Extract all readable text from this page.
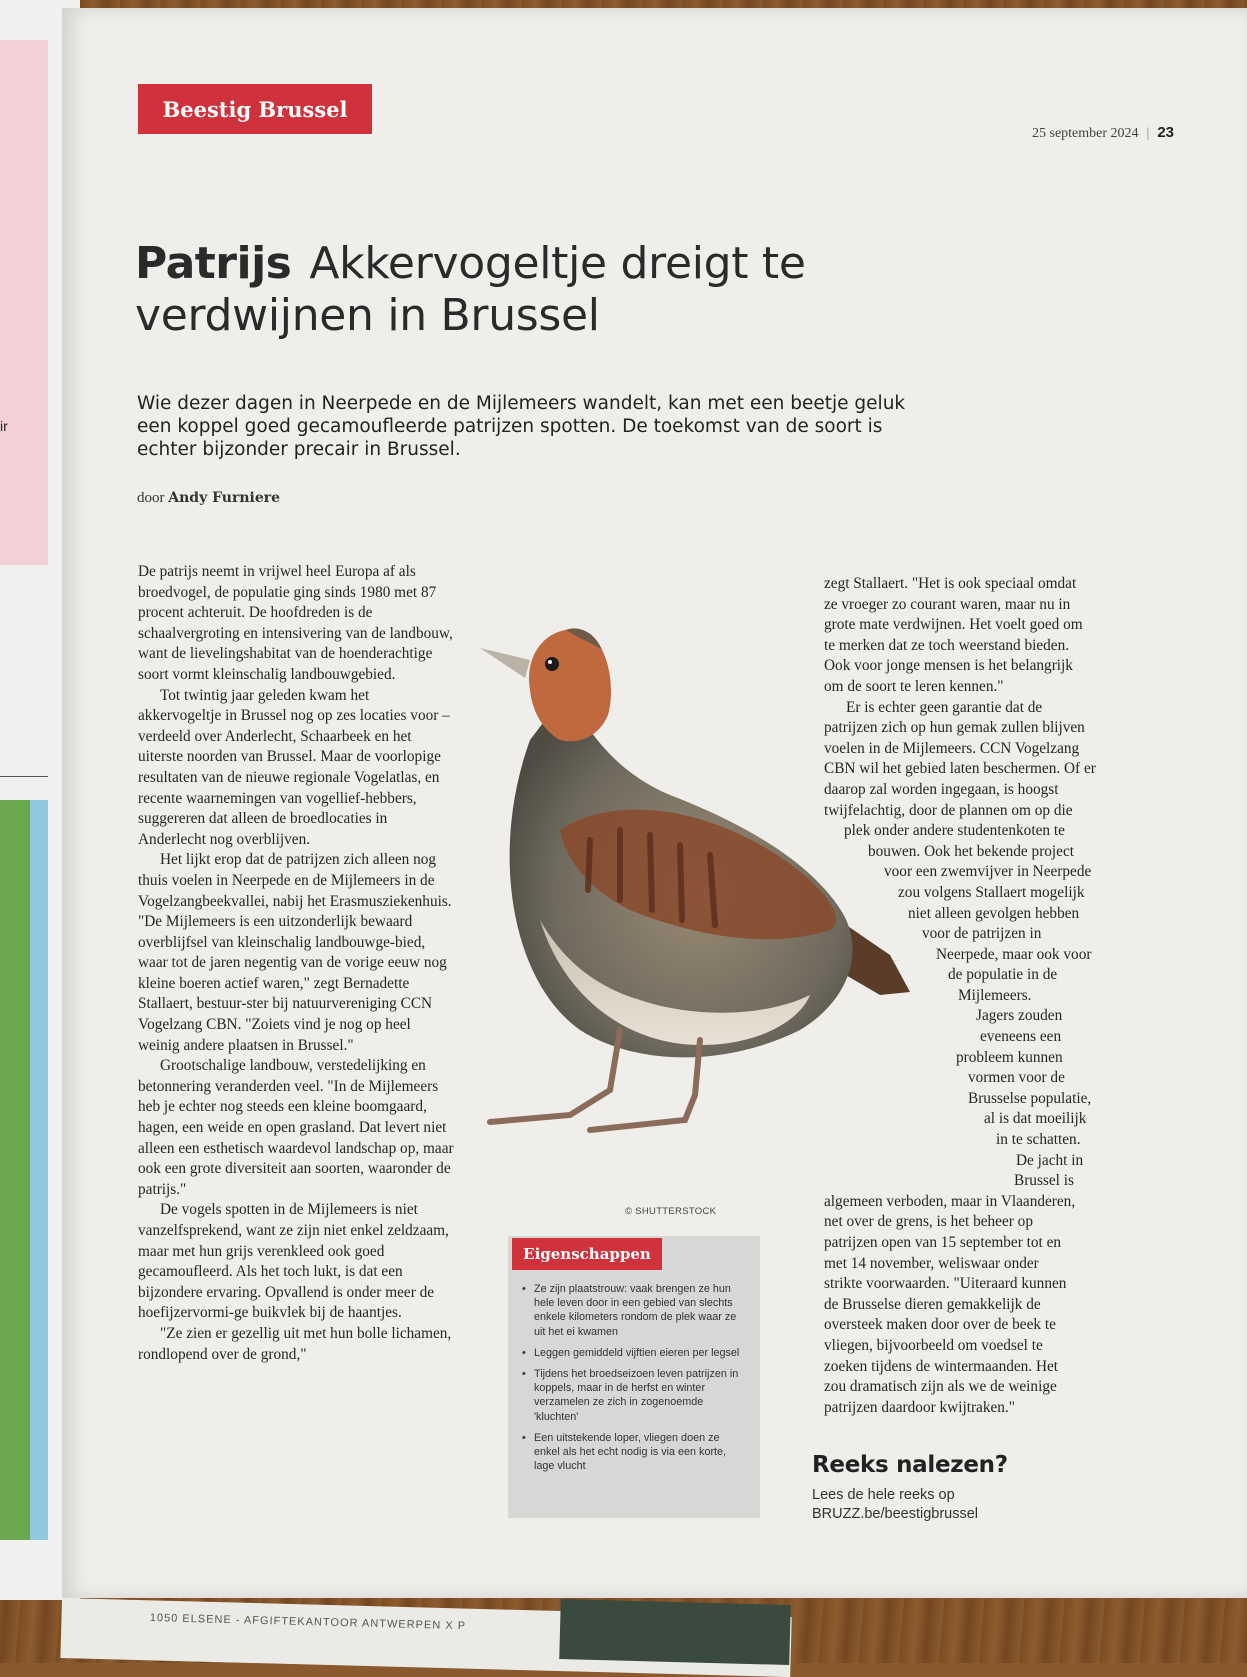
ir
1050 ELSENE - AFGIFTEKANTOOR ANTWERPEN X P
Beestig Brussel
25 september 2024 | 23
Patrijs Akkervogeltje dreigt te verdwijnen in Brussel
Wie dezer dagen in Neerpede en de Mijlemeers wandelt, kan met een beetje geluk een koppel goed gecamoufleerde patrijzen spotten. De toekomst van de soort is echter bijzonder precair in Brussel.
door Andy Furniere

De patrijs neemt in vrijwel heel Europa af als broedvogel, de populatie ging sinds 1980 met 87 procent achteruit. De hoofdreden is de schaalvergroting en intensivering van de landbouw, want de lievelingshabitat van de hoenderachtige soort vormt kleinschalig landbouwgebied.

Tot twintig jaar geleden kwam het akkervogeltje in Brussel nog op zes locaties voor – verdeeld over Anderlecht, Schaarbeek en het uiterste noorden van Brussel. Maar de voorlopige resultaten van de nieuwe regionale Vogelatlas, en recente waarnemingen van vogellief-hebbers, suggereren dat alleen de broedlocaties in Anderlecht nog overblijven.

Het lijkt erop dat de patrijzen zich alleen nog thuis voelen in Neerpede en de Mijlemeers in de Vogelzangbeekvallei, nabij het Erasmusziekenhuis. "De Mijlemeers is een uitzonderlijk bewaard overblijfsel van kleinschalig landbouwge-bied, waar tot de jaren negentig van de vorige eeuw nog kleine boeren actief waren," zegt Bernadette Stallaert, bestuur-ster bij natuurvereniging CCN Vogelzang CBN. "Zoiets vind je nog op heel weinig andere plaatsen in Brussel."

Grootschalige landbouw, verstedelijking en betonnering veranderden veel. "In de Mijlemeers heb je echter nog steeds een kleine boomgaard, hagen, een weide en open grasland. Dat levert niet alleen een esthetisch waardevol landschap op, maar ook een grote diversiteit aan soorten, waaronder de patrijs."

De vogels spotten in de Mijlemeers is niet vanzelfsprekend, want ze zijn niet enkel zeldzaam, maar met hun grijs verenkleed ook goed gecamoufleerd. Als het toch lukt, is dat een bijzondere ervaring. Opvallend is onder meer de hoefijzervormi-ge buikvlek bij de haantjes.

"Ze zien er gezellig uit met hun bolle lichamen, rondlopend over de grond,"

zegt Stallaert. "Het is ook speciaal omdat
ze vroeger zo courant waren, maar nu in
grote mate verdwijnen. Het voelt goed om
te merken dat ze toch weerstand bieden.
Ook voor jonge mensen is het belangrijk
om de soort te leren kennen."
Er is echter geen garantie dat de
patrijzen zich op hun gemak zullen blijven
voelen in de Mijlemeers. CCN Vogelzang
CBN wil het gebied laten beschermen. Of er
daarop zal worden ingegaan, is hoogst
twijfelachtig, door de plannen om op die
plek onder andere studentenkoten te
bouwen. Ook het bekende project
voor een zwemvijver in Neerpede
zou volgens Stallaert mogelijk
niet alleen gevolgen hebben
voor de patrijzen in
Neerpede, maar ook voor
de populatie in de
Mijlemeers.
Jagers zouden
eveneens een
probleem kunnen
vormen voor de
Brusselse populatie,
al is dat moeilijk
in te schatten.
De jacht in
Brussel is
algemeen verboden, maar in Vlaanderen,
net over de grens, is het beheer op
patrijzen open van 15 september tot en
met 14 november, weliswaar onder
strikte voorwaarden. "Uiteraard kunnen
de Brusselse dieren gemakkelijk de
oversteek maken door over de beek te
vliegen, bijvoorbeeld om voedsel te
zoeken tijdens de wintermaanden. Het
zou dramatisch zijn als we de weinige
patrijzen daardoor kwijtraken."
© SHUTTERSTOCK
• Ze zijn plaatstrouw: vaak brengen ze hun hele leven door in een gebied van slechts enkele kilometers rondom de plek waar ze uit het ei kwamen
• Leggen gemiddeld vijftien eieren per legsel
• Tijdens het broedseizoen leven patrijzen in koppels, maar in de herfst en winter verzamelen ze zich in zogenoemde 'kluchten'
• Een uitstekende loper, vliegen doen ze enkel als het echt nodig is via een korte, lage vlucht
Eigenschappen
Reeks nalezen?
Lees de hele reeks op
BRUZZ.be/beestigbrussel
